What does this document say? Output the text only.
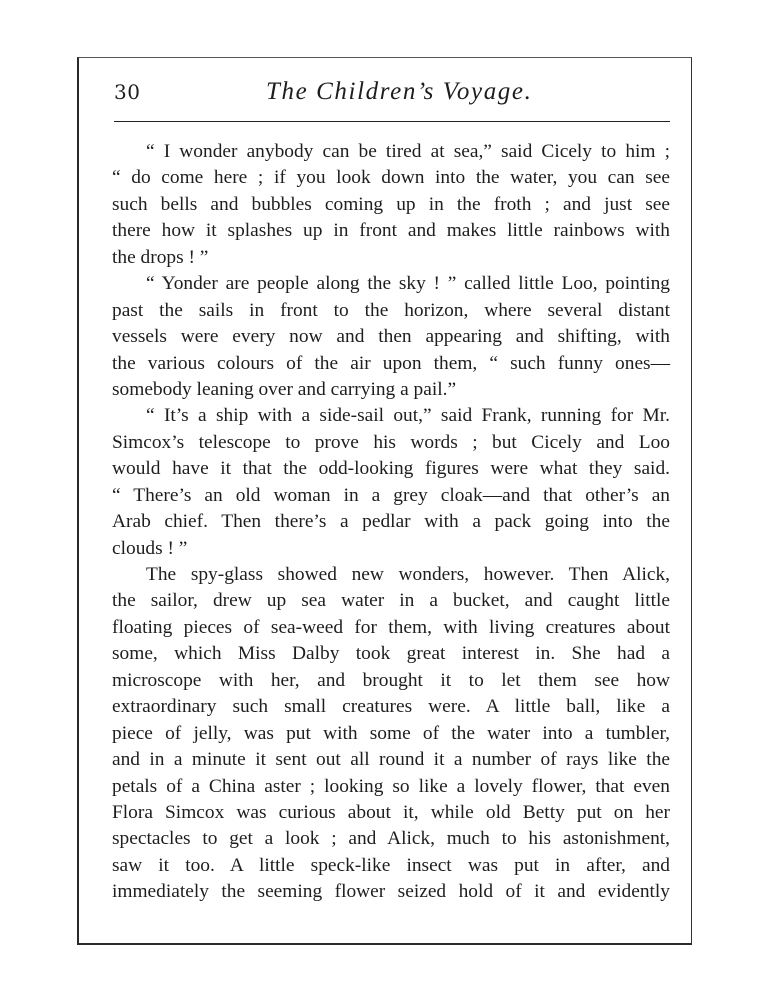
30	The Children’s Voyage.
“ I wonder anybody can be tired at sea,” said Cicely to him ;
“ do come here ; if you look down into the water, you can see
such bells and bubbles coming up in the froth ; and just see
there how it splashes up in front and makes little rainbows with
the drops ! ”
“ Yonder are people along the sky ! ” called little Loo, pointing
past the sails in front to the horizon, where several distant
vessels were every now and then appearing and shifting, with
the various colours of the air upon them, “ such funny ones—
somebody leaning over and carrying a pail.”
“ It’s a ship with a side-sail out,” said Frank, running for Mr.
Simcox’s telescope to prove his words ; but Cicely and Loo
would have it that the odd-looking figures were what they said.
“ There’s an old woman in a grey cloak—and that other’s an
Arab chief. Then there’s a pedlar with a pack going into the
clouds ! ”
The spy-glass showed new wonders, however. Then Alick,
the sailor, drew up sea water in a bucket, and caught little
floating pieces of sea-weed for them, with living creatures about
some, which Miss Dalby took great interest in. She had a
microscope with her, and brought it to let them see how
extraordinary such small creatures were. A little ball, like a
piece of jelly, was put with some of the water into a tumbler,
and in a minute it sent out all round it a number of rays like the
petals of a China aster ; looking so like a lovely flower, that even
Flora Simcox was curious about it, while old Betty put on her
spectacles to get a look ; and Alick, much to his astonishment,
saw it too. A little speck-like insect was put in after, and
immediately the seeming flower seized hold of it and evidently
